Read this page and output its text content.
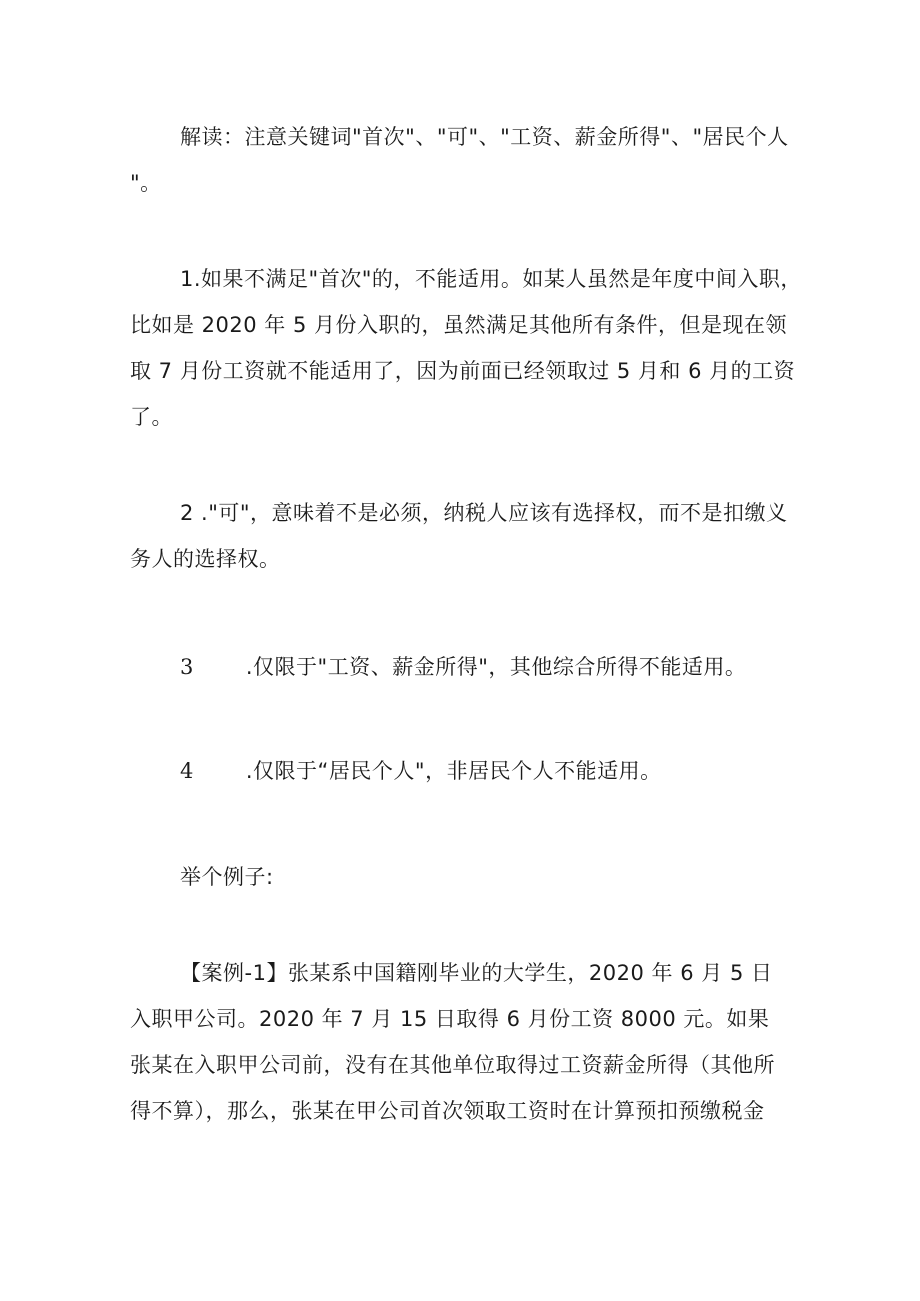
解读：注意关键词"首次"、"可"、"工资、薪金所得"、"居民个人
"。
1.如果不满足"首次"的，不能适用。如某人虽然是年度中间入职，
比如是 2020 年 5 月份入职的，虽然满足其他所有条件，但是现在领
取 7 月份工资就不能适用了，因为前面已经领取过 5 月和 6 月的工资
了。
2 ."可"，意味着不是必须，纳税人应该有选择权，而不是扣缴义
务人的选择权。
3 .仅限于"工资、薪金所得"，其他综合所得不能适用。
4 .仅限于“居民个人"，非居民个人不能适用。
举个例子:
【案例-1】张某系中国籍刚毕业的大学生，2020 年 6 月 5 日
入职甲公司。2020 年 7 月 15 日取得 6 月份工资 8000 元。如果
张某在入职甲公司前，没有在其他单位取得过工资薪金所得（其他所
得不算），那么，张某在甲公司首次领取工资时在计算预扣预缴税金
